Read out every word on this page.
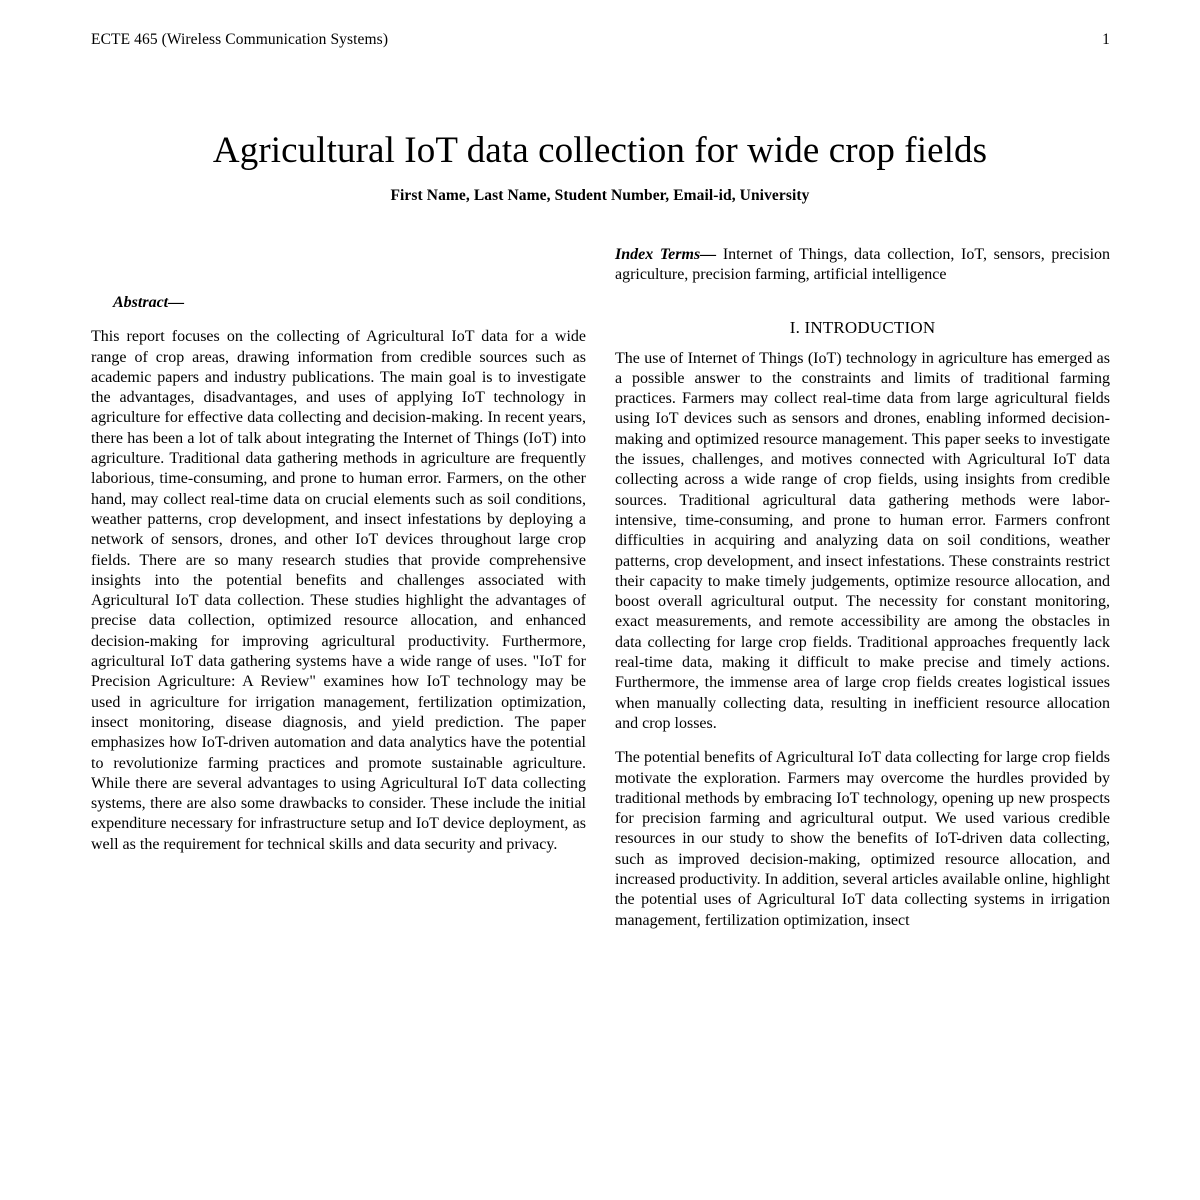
ECTE 465 (Wireless Communication Systems)	1
Agricultural IoT data collection for wide crop fields
First Name, Last Name, Student Number, Email-id, University
Abstract—

This report focuses on the collecting of Agricultural IoT data for a wide range of crop areas, drawing information from credible sources such as academic papers and industry publications. The main goal is to investigate the advantages, disadvantages, and uses of applying IoT technology in agriculture for effective data collecting and decision-making. In recent years, there has been a lot of talk about integrating the Internet of Things (IoT) into agriculture. Traditional data gathering methods in agriculture are frequently laborious, time-consuming, and prone to human error. Farmers, on the other hand, may collect real-time data on crucial elements such as soil conditions, weather patterns, crop development, and insect infestations by deploying a network of sensors, drones, and other IoT devices throughout large crop fields. There are so many research studies that provide comprehensive insights into the potential benefits and challenges associated with Agricultural IoT data collection. These studies highlight the advantages of precise data collection, optimized resource allocation, and enhanced decision-making for improving agricultural productivity. Furthermore, agricultural IoT data gathering systems have a wide range of uses. "IoT for Precision Agriculture: A Review" examines how IoT technology may be used in agriculture for irrigation management, fertilization optimization, insect monitoring, disease diagnosis, and yield prediction. The paper emphasizes how IoT-driven automation and data analytics have the potential to revolutionize farming practices and promote sustainable agriculture. While there are several advantages to using Agricultural IoT data collecting systems, there are also some drawbacks to consider. These include the initial expenditure necessary for infrastructure setup and IoT device deployment, as well as the requirement for technical skills and data security and privacy.

Index Terms— Internet of Things, data collection, IoT, sensors, precision agriculture, precision farming, artificial intelligence

I. INTRODUCTION

The use of Internet of Things (IoT) technology in agriculture has emerged as a possible answer to the constraints and limits of traditional farming practices. Farmers may collect real-time data from large agricultural fields using IoT devices such as sensors and drones, enabling informed decision-making and optimized resource management. This paper seeks to investigate the issues, challenges, and motives connected with Agricultural IoT data collecting across a wide range of crop fields, using insights from credible sources. Traditional agricultural data gathering methods were labor-intensive, time-consuming, and prone to human error. Farmers confront difficulties in acquiring and analyzing data on soil conditions, weather patterns, crop development, and insect infestations. These constraints restrict their capacity to make timely judgements, optimize resource allocation, and boost overall agricultural output. The necessity for constant monitoring, exact measurements, and remote accessibility are among the obstacles in data collecting for large crop fields. Traditional approaches frequently lack real-time data, making it difficult to make precise and timely actions. Furthermore, the immense area of large crop fields creates logistical issues when manually collecting data, resulting in inefficient resource allocation and crop losses.

The potential benefits of Agricultural IoT data collecting for large crop fields motivate the exploration. Farmers may overcome the hurdles provided by traditional methods by embracing IoT technology, opening up new prospects for precision farming and agricultural output. We used various credible resources in our study to show the benefits of IoT-driven data collecting, such as improved decision-making, optimized resource allocation, and increased productivity. In addition, several articles available online, highlight the potential uses of Agricultural IoT data collecting systems in irrigation management, fertilization optimization, insect
